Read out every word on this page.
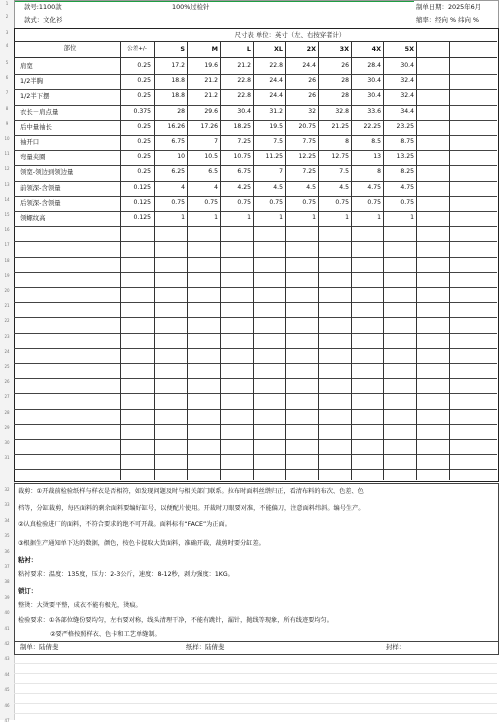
1
2
3
4
5
6
7
8
9
10
11
12
13
14
15
16
17
18
19
20
21
22
23
24
25
26
27
28
29
30
31
32
33
34
35
36
37
38
39
40
41
42
43
44
45
46
47
款号:1100款	100%过检针	制单日期：2025年6月
款式：文化衫	缩率：经向 % 纬向 %
尺寸表 单位：英寸（左、右按穿者计）
部位	公差+/-	S	M	L	XL	2X	3X	4X	5X
肩宽	0.25	17.2	19.6	21.2	22.8	24.4	26	28.4	30.4
1/2半胸	0.25	18.8	21.2	22.8	24.4	26	28	30.4	32.4
1/2半下摆	0.25	18.8	21.2	22.8	24.4	26	28	30.4	32.4
衣长－肩点量	0.375	28	29.6	30.4	31.2	32	32.8	33.6	34.4
后中量袖长	0.25	16.26	17.26	18.25	19.5	20.75	21.25	22.25	23.25
袖开口	0.25	6.75	7	7.25	7.5	7.75	8	8.5	8.75
弯量夹圈	0.25	10	10.5	10.75	11.25	12.25	12.75	13	13.25
领宽-领边到领边量	0.25	6.25	6.5	6.75	7	7.25	7.5	8	8.25
前领深-含领量	0.125	4	4	4.25	4.5	4.5	4.5	4.75	4.75
后领深-含领量	0.125	0.75	0.75	0.75	0.75	0.75	0.75	0.75	0.75
领螺纹高	0.125	1	1	1	1	1	1	1	1
裁剪：①开裁前检验纸样与样衣是否相符，如发现问题及时与相关部门联系。拉布时面料丝绺归正，看清布料的布次、色差、色
档等，分缸裁剪，每匹面料的剩余面料要编好缸号，以便配片使用。开裁时刀眼要对准，不能偏刀，注意面料纬斜。编号生产。
②认真检验进厂的面料，不符合要求的绝不可开裁。面料标有“FACE”为正面。
③根据生产通知单下达的数据，颜色，按色卡提取大货面料，准确开裁，裁剪时要分缸差。
粘衬：
粘衬要求：温度：135度，压力：2-3公斤，速度：8-12秒，剥力强度：1KG。
锁订：
整烫：大烫要平整，成衣不能有极光，烫痕。
检验要求：①各部位缝份要均匀，左右要对称，线头清理干净，不能有跳针，漏针，抛线等现象，所有线迹要均匀。
②要严格按照样衣、色卡和工艺单缝制。
制单：陆倩斐	纸样：陆倩斐	封样：
